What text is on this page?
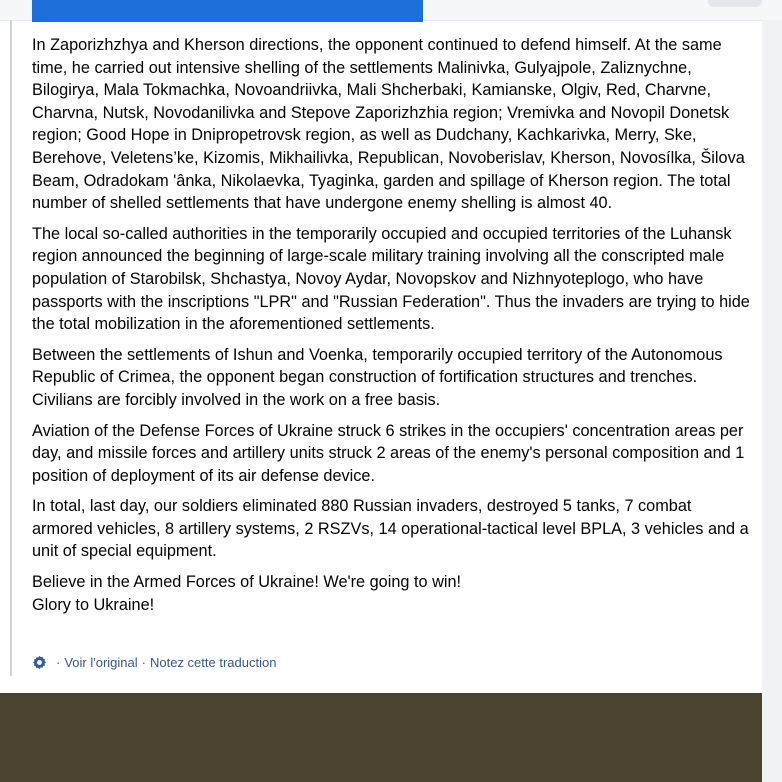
In Zaporizhzhya and Kherson directions, the opponent continued to defend himself. At the same time, he carried out intensive shelling of the settlements Malinivka, Gulyajpole, Zaliznychne, Bilogirya, Mala Tokmachka, Novoandriivka, Mali Shcherbaki, Kamianske, Olgiv, Red, Charvne, Charvna, Nutsk, Novodanilivka and Stepove Zaporizhzhia region; Vremivka and Novopil Donetsk region; Good Hope in Dnipropetrovsk region, as well as Dudchany, Kachkarivka, Merry, Ske, Berehove, Veletens’ke, Kizomis, Mikhailivka, Republican, Novoberislav, Kherson, Novosílka, Šilova Beam, Odradokam 'ânka, Nikolaevka, Tyaginka, garden and spillage of Kherson region. The total number of shelled settlements that have undergone enemy shelling is almost 40.

The local so-called authorities in the temporarily occupied and occupied territories of the Luhansk region announced the beginning of large-scale military training involving all the conscripted male population of Starobilsk, Shchastya, Novoy Aydar, Novopskov and Nizhnyoteplogo, who have passports with the inscriptions "LPR" and "Russian Federation". Thus the invaders are trying to hide the total mobilization in the aforementioned settlements.

Between the settlements of Ishun and Voenka, temporarily occupied territory of the Autonomous Republic of Crimea, the opponent began construction of fortification structures and trenches. Civilians are forcibly involved in the work on a free basis.

Aviation of the Defense Forces of Ukraine struck 6 strikes in the occupiers' concentration areas per day, and missile forces and artillery units struck 2 areas of the enemy's personal composition and 1 position of deployment of its air defense device.

In total, last day, our soldiers eliminated 880 Russian invaders, destroyed 5 tanks, 7 combat armored vehicles, 8 artillery systems, 2 RSZVs, 14 operational-tactical level BPLA, 3 vehicles and a unit of special equipment.

Believe in the Armed Forces of Ukraine! We're going to win!
Glory to Ukraine!

· Voir l'original · Notez cette traduction
